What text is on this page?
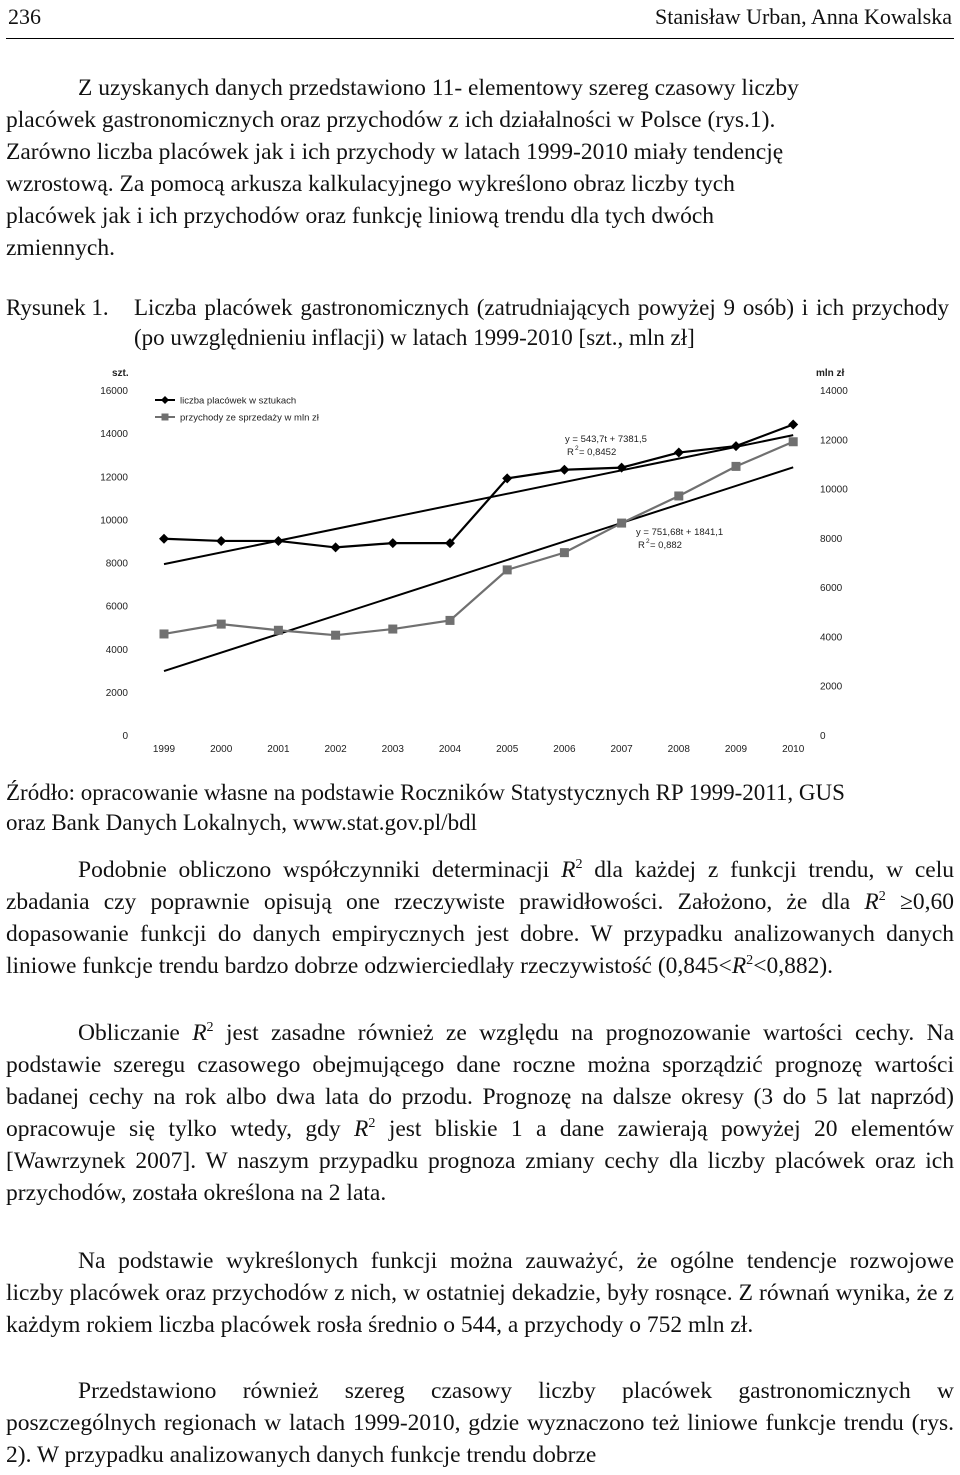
236	Stanisław Urban, Anna Kowalska

Z uzyskanych danych przedstawiono 11- elementowy szereg czasowy liczby

placówek gastronomicznych oraz przychodów z ich działalności w Polsce (rys.1).

Zarówno liczba placówek jak i ich przychody w latach 1999-2010 miały tendencję

wzrostową. Za pomocą arkusza kalkulacyjnego wykreślono obraz liczby tych

placówek jak i ich przychodów oraz funkcję liniową trendu dla tych dwóch

zmiennych.

Rysunek 1. Liczba placówek gastronomicznych (zatrudniających powyżej 9 osób) i ich przychody (po uwzględnieniu inflacji) w latach 1999-2010 [szt., mln zł]
szt.	mln zł
16000
14000
12000
10000
8000
6000
4000
2000
0
14000
12000
10000
8000
6000
4000
2000
0
1999	2000	2001	2002	2003	2004	2005	2006	2007	2008	2009	2010
liczba placówek w sztukach
przychody ze sprzedaży w mln zł
y = 543,7t + 7381,5
R 2 = 0,8452
y = 751,68t + 1841,1
R 2 = 0,882

Źródło: opracowanie własne na podstawie Roczników Statystycznych RP 1999-2011, GUS

oraz Bank Danych Lokalnych, www.stat.gov.pl/bdl

Podobnie obliczono współczynniki determinacji $R^2$ dla każdej z funkcji trendu, w celu zbadania czy poprawnie opisują one rzeczywiste prawidłowości. Założono, że dla $R^2 \ge 0,60$ dopasowanie funkcji do danych empirycznych jest dobre. W przypadku analizowanych danych liniowe funkcje trendu bardzo dobrze odzwierciedlały rzeczywistość $(0,845<R^2<0,882)$.
Obliczanie $R^2$ jest zasadne również ze względu na prognozowanie wartości cechy. Na podstawie szeregu czasowego obejmującego dane roczne można sporządzić prognozę wartości badanej cechy na rok albo dwa lata do przodu. Prognozę na dalsze okresy (3 do 5 lat naprzód) opracowuje się tylko wtedy, gdy $R^2$ jest bliskie 1 a dane zawierają powyżej 20 elementów [Wawrzynek 2007]. W naszym przypadku prognoza zmiany cechy dla liczby placówek oraz ich przychodów, została określona na 2 lata.
Na podstawie wykreślonych funkcji można zauważyć, że ogólne tendencje rozwojowe liczby placówek oraz przychodów z nich, w ostatniej dekadzie, były rosnące. Z równań wynika, że z każdym rokiem liczba placówek rosła średnio o 544, a przychody o 752 mln zł.
Przedstawiono również szereg czasowy liczby placówek gastronomicznych w poszczególnych regionach w latach 1999-2010, gdzie wyznaczono też liniowe funkcje trendu (rys. 2). W przypadku analizowanych danych funkcje trendu dobrze
